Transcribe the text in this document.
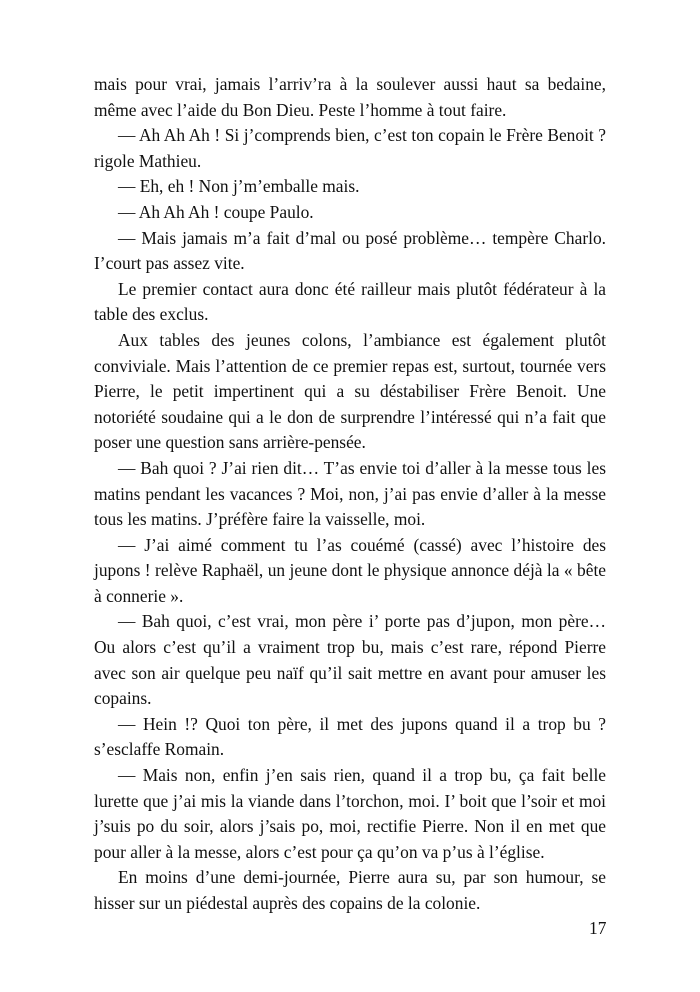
mais pour vrai, jamais l’arriv’ra à la soulever aussi haut sa bedaine, même avec l’aide du Bon Dieu. Peste l’homme à tout faire.

— Ah Ah Ah ! Si j’comprends bien, c’est ton copain le Frère Benoit ? rigole Mathieu.

— Eh, eh ! Non j’m’emballe mais.

— Ah Ah Ah ! coupe Paulo.

— Mais jamais m’a fait d’mal ou posé problème… tempère Charlo. I’court pas assez vite.

Le premier contact aura donc été railleur mais plutôt fédérateur à la table des exclus.

Aux tables des jeunes colons, l’ambiance est également plutôt conviviale. Mais l’attention de ce premier repas est, surtout, tournée vers Pierre, le petit impertinent qui a su déstabiliser Frère Benoit. Une notoriété soudaine qui a le don de surprendre l’intéressé qui n’a fait que poser une question sans arrière-pensée.

— Bah quoi ? J’ai rien dit… T’as envie toi d’aller à la messe tous les matins pendant les vacances ? Moi, non, j’ai pas envie d’aller à la messe tous les matins. J’préfère faire la vaisselle, moi.

— J’ai aimé comment tu l’as couémé (cassé) avec l’histoire des jupons ! relève Raphaël, un jeune dont le physique annonce déjà la « bête à connerie ».

— Bah quoi, c’est vrai, mon père i’ porte pas d’jupon, mon père… Ou alors c’est qu’il a vraiment trop bu, mais c’est rare, répond Pierre avec son air quelque peu naïf qu’il sait mettre en avant pour amuser les copains.

— Hein !? Quoi ton père, il met des jupons quand il a trop bu ? s’esclaffe Romain.

— Mais non, enfin j’en sais rien, quand il a trop bu, ça fait belle lurette que j’ai mis la viande dans l’torchon, moi. I’ boit que l’soir et moi j’suis po du soir, alors j’sais po, moi, rectifie Pierre. Non il en met que pour aller à la messe, alors c’est pour ça qu’on va p’us à l’église.

En moins d’une demi-journée, Pierre aura su, par son humour, se hisser sur un piédestal auprès des copains de la colonie.

17
